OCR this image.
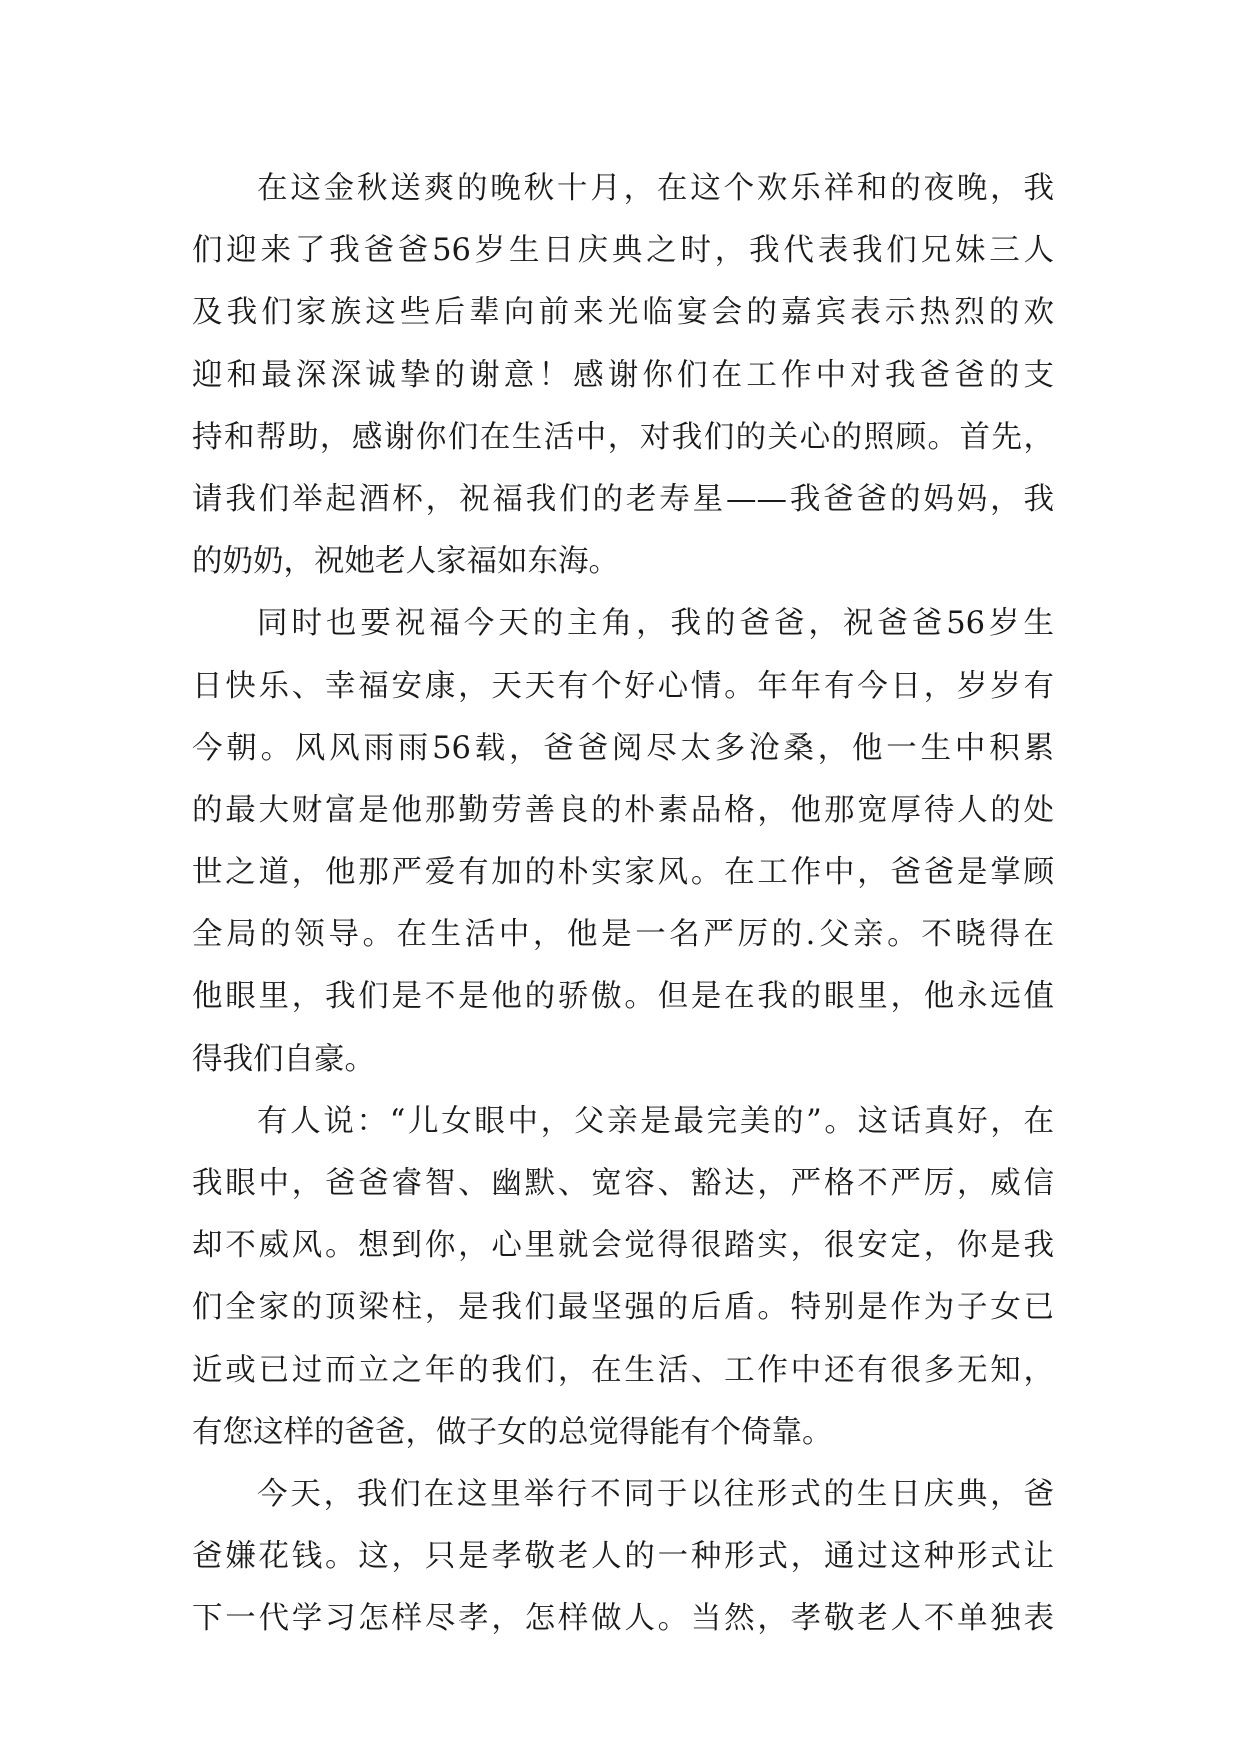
在这金秋送爽的晚秋十月，在这个欢乐祥和的夜晚，我
们迎来了我爸爸56岁生日庆典之时，我代表我们兄妹三人
及我们家族这些后辈向前来光临宴会的嘉宾表示热烈的欢
迎和最深深诚挚的谢意！感谢你们在工作中对我爸爸的支
持和帮助，感谢你们在生活中，对我们的关心的照顾。首先，
请我们举起酒杯，祝福我们的老寿星——我爸爸的妈妈，我
的奶奶，祝她老人家福如东海。
同时也要祝福今天的主角，我的爸爸，祝爸爸56岁生
日快乐、幸福安康，天天有个好心情。年年有今日，岁岁有
今朝。风风雨雨56载，爸爸阅尽太多沧桑，他一生中积累
的最大财富是他那勤劳善良的朴素品格，他那宽厚待人的处
世之道，他那严爱有加的朴实家风。在工作中，爸爸是掌顾
全局的领导。在生活中，他是一名严厉的.父亲。不晓得在
他眼里，我们是不是他的骄傲。但是在我的眼里，他永远值
得我们自豪。
有人说：“儿女眼中，父亲是最完美的”。这话真好，在
我眼中，爸爸睿智、幽默、宽容、豁达，严格不严厉，威信
却不威风。想到你，心里就会觉得很踏实，很安定，你是我
们全家的顶梁柱，是我们最坚强的后盾。特别是作为子女已
近或已过而立之年的我们，在生活、工作中还有很多无知，
有您这样的爸爸，做子女的总觉得能有个倚靠。
今天，我们在这里举行不同于以往形式的生日庆典，爸
爸嫌花钱。这，只是孝敬老人的一种形式，通过这种形式让
下一代学习怎样尽孝，怎样做人。当然，孝敬老人不单独表
